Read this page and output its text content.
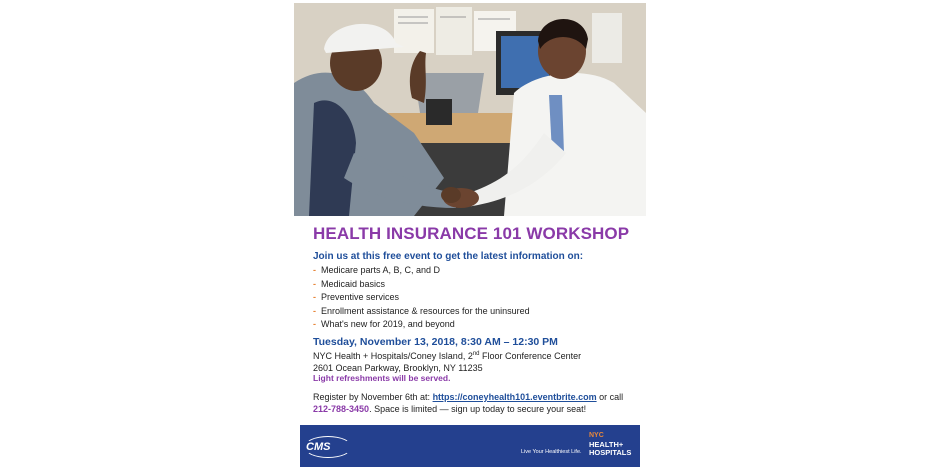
HEALTH INSURANCE 101 WORKSHOP
Join us at this free event to get the latest information on:
- Medicare parts A, B, C, and D
- Medicaid basics
- Preventive services
- Enrollment assistance & resources for the uninsured
- What's new for 2019, and beyond
Tuesday, November 13, 2018, 8:30 AM – 12:30 PM
NYC Health + Hospitals/Coney Island, 2nd Floor Conference Center
2601 Ocean Parkway, Brooklyn, NY 11235
Light refreshments will be served.
Register by November 6th at: https://coneyhealth101.eventbrite.com or call
212-788-3450. Space is limited — sign up today to secure your seat!
CMS	Live Your Healthiest Life.
NYC
HEALTH+
HOSPITALS
